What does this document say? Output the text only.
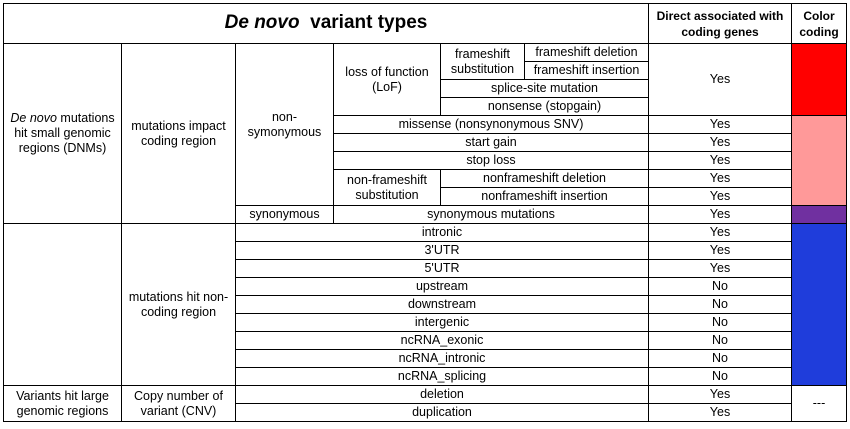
De novo variant types						Direct associated with coding genes	Color coding
De novo mutations hit small genomic regions (DNMs)	mutations impact coding region	non-symonymous	loss of function (LoF)	frameshift substitution	frameshift deletion	Yes	
					frameshift insertion		
				splice-site mutation			
				nonsense (stopgain)			
			missense (nonsynonymous SNV)			Yes	
			start gain			Yes	
			stop loss			Yes	
			non-frameshift substitution	nonframeshift deletion		Yes	
				nonframeshift insertion		Yes	
		synonymous	synonymous mutations			Yes	
	mutations hit non-coding region	intronic				Yes	
		3'UTR				Yes	
		5'UTR				Yes	
		upstream				No	
		downstream				No	
		intergenic				No	
		ncRNA_exonic				No	
		ncRNA_intronic				No	
		ncRNA_splicing				No	
Variants hit large genomic regions	Copy number of variant (CNV)	deletion				Yes	---
		duplication				Yes	
